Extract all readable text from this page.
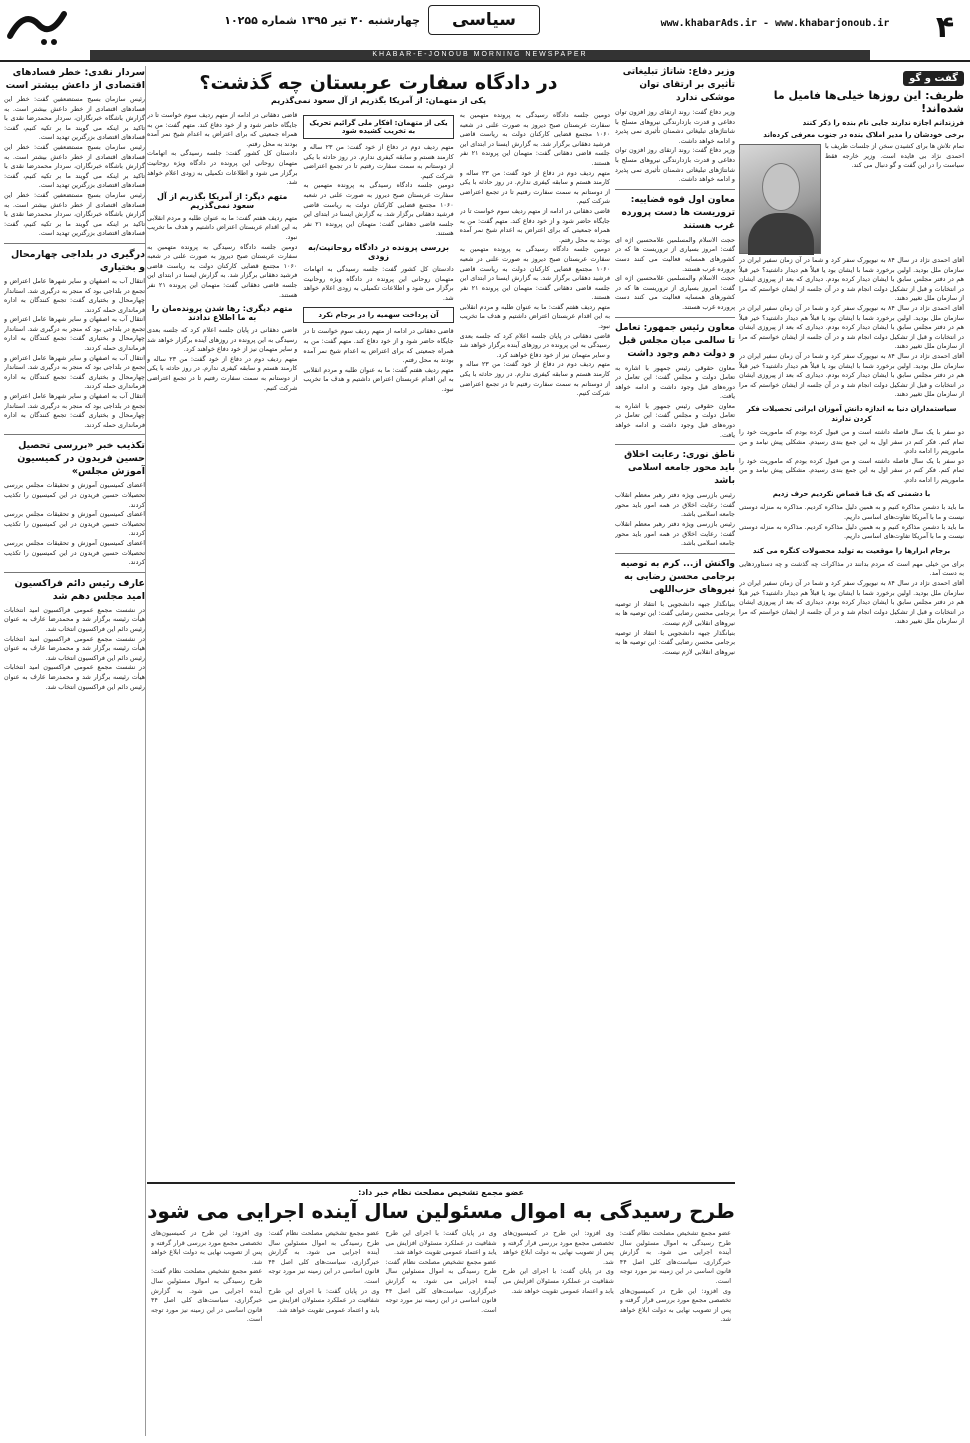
۴
www.khabarAds.ir - www.khabarjonoub.ir
سیاسی
چهارشنبه ۳۰ تیر ۱۳۹۵ شماره ۱۰۲۵۵
KHABAR-E-JONOUB MORNING NEWSPAPER
گفت و گو
ظریف: این روزها خیلی‌ها فامیل ما شده‌اند!
فرزندانم اجازه ندارند جایی نام بنده را ذکر کنند
برخی خودشان را مدیر املاک بنده در جنوب معرفی کرده‌اند
تمام تلاش ها برای کشیدن سخن از جلسات ظریف با احمدی نژاد بی فایده است. وزیر خارجه فقط سیاست را در این گفت و گو دنبال می کند.
آقای احمدی نژاد در سال ۸۴ به نیویورک سفر کرد و شما در آن زمان سفیر ایران در سازمان ملل بودید. اولین برخورد شما با ایشان بود یا قبلاً هم دیدار داشتید؟ خیر قبلاً هم در دفتر مجلس سابق با ایشان دیدار کرده بودم. دیداری که بعد از پیروزی ایشان در انتخابات و قبل از تشکیل دولت انجام شد و در آن جلسه از ایشان خواستم که مرا از سازمان ملل تغییر دهند.
آقای احمدی نژاد در سال ۸۴ به نیویورک سفر کرد و شما در آن زمان سفیر ایران در سازمان ملل بودید. اولین برخورد شما با ایشان بود یا قبلاً هم دیدار داشتید؟ خیر قبلاً هم در دفتر مجلس سابق با ایشان دیدار کرده بودم. دیداری که بعد از پیروزی ایشان در انتخابات و قبل از تشکیل دولت انجام شد و در آن جلسه از ایشان خواستم که مرا از سازمان ملل تغییر دهند.
آقای احمدی نژاد در سال ۸۴ به نیویورک سفر کرد و شما در آن زمان سفیر ایران در سازمان ملل بودید. اولین برخورد شما با ایشان بود یا قبلاً هم دیدار داشتید؟ خیر قبلاً هم در دفتر مجلس سابق با ایشان دیدار کرده بودم. دیداری که بعد از پیروزی ایشان در انتخابات و قبل از تشکیل دولت انجام شد و در آن جلسه از ایشان خواستم که مرا از سازمان ملل تغییر دهند.
سیاستمداران دنیا به اندازه دانش آموزان ایرانی تحصیلات فکر کردن ندارند
دو سفر با یک سال فاصله داشته است و من قبول کرده بودم که ماموریت خود را تمام کنم. فکر کنم در سفر اول به این جمع بندی رسیدم. مشکلی پیش نیامد و من ماموریتم را ادامه دادم.
دو سفر با یک سال فاصله داشته است و من قبول کرده بودم که ماموریت خود را تمام کنم. فکر کنم در سفر اول به این جمع بندی رسیدم. مشکلی پیش نیامد و من ماموریتم را ادامه دادم.
با دشمنی که یک قبا قصاص نکردیم حرف زدیم
ما باید با دشمن مذاکره کنیم و به همین دلیل مذاکره کردیم. مذاکره به منزله دوستی نیست و ما با آمریکا تفاوت‌های اساسی داریم.
ما باید با دشمن مذاکره کنیم و به همین دلیل مذاکره کردیم. مذاکره به منزله دوستی نیست و ما با آمریکا تفاوت‌های اساسی داریم.
برجام ابزارها را موقعیت به تولید محصولات کنگره می کند
برای من خیلی مهم است که مردم بدانند در مذاکرات چه گذشت و چه دستاوردهایی به دست آمد.
آقای احمدی نژاد در سال ۸۴ به نیویورک سفر کرد و شما در آن زمان سفیر ایران در سازمان ملل بودید. اولین برخورد شما با ایشان بود یا قبلاً هم دیدار داشتید؟ خیر قبلاً هم در دفتر مجلس سابق با ایشان دیدار کرده بودم. دیداری که بعد از پیروزی ایشان در انتخابات و قبل از تشکیل دولت انجام شد و در آن جلسه از ایشان خواستم که مرا از سازمان ملل تغییر دهند.
وزیر دفاع: شاتاژ تبلیغاتی تأثیری بر ارتقای توان موشکی ندارد
وزیر دفاع گفت: روند ارتقای روز افزون توان دفاعی و قدرت بازدارندگی نیروهای مسلح با شانتاژهای تبلیغاتی دشمنان تأثیری نمی پذیرد و ادامه خواهد داشت.
وزیر دفاع گفت: روند ارتقای روز افزون توان دفاعی و قدرت بازدارندگی نیروهای مسلح با شانتاژهای تبلیغاتی دشمنان تأثیری نمی پذیرد و ادامه خواهد داشت.
معاون اول قوه قضاییه: تروریست ها دست پرورده غرب هستند
حجت الاسلام والمسلمین غلامحسین اژه ای گفت: امروز بسیاری از تروریست ها که در کشورهای همسایه فعالیت می کنند دست پرورده غرب هستند.
حجت الاسلام والمسلمین غلامحسین اژه ای گفت: امروز بسیاری از تروریست ها که در کشورهای همسایه فعالیت می کنند دست پرورده غرب هستند.
معاون رئیس جمهور: تعامل تا سالمی میان مجلس قبل و دولت دهم وجود داشت
معاون حقوقی رئیس جمهور با اشاره به تعامل دولت و مجلس گفت: این تعامل در دوره‌های قبل وجود داشت و ادامه خواهد یافت.
معاون حقوقی رئیس جمهور با اشاره به تعامل دولت و مجلس گفت: این تعامل در دوره‌های قبل وجود داشت و ادامه خواهد یافت.
ناطق نوری: رعایت اخلاق باید محور جامعه اسلامی باشد
رئیس بازرسی ویژه دفتر رهبر معظم انقلاب گفت: رعایت اخلاق در همه امور باید محور جامعه اسلامی باشد.
رئیس بازرسی ویژه دفتر رهبر معظم انقلاب گفت: رعایت اخلاق در همه امور باید محور جامعه اسلامی باشد.
واکنش از... کرم به توصیه برجامی محسن رضایی به نیروهای حزب‌اللهی
بنیانگذار جبهه دانشجویی با انتقاد از توصیه برجامی محسن رضایی گفت: این توصیه ها به نیروهای انقلابی لازم نیست.
بنیانگذار جبهه دانشجویی با انتقاد از توصیه برجامی محسن رضایی گفت: این توصیه ها به نیروهای انقلابی لازم نیست.
در دادگاه سفارت عربستان چه گذشت؟
یکی از متهمان: از آمریکا بگذریم از آل سعود نمی‌گذریم
دومین جلسه دادگاه رسیدگی به پرونده متهمین به سفارت عربستان صبح دیروز به صورت علنی در شعبه ۱۰۶۰ مجتمع قضایی کارکنان دولت به ریاست قاضی فرشید دهقانی برگزار شد. به گزارش ایسنا در ابتدای این جلسه قاضی دهقانی گفت: متهمان این پرونده ۲۱ نفر هستند.
متهم ردیف دوم در دفاع از خود گفت: من ۲۳ ساله و کارمند هستم و سابقه کیفری ندارم. در روز حادثه با یکی از دوستانم به سمت سفارت رفتیم تا در تجمع اعتراضی شرکت کنیم.
قاضی دهقانی در ادامه از متهم ردیف سوم خواست تا در جایگاه حاضر شود و از خود دفاع کند. متهم گفت: من به همراه جمعیتی که برای اعتراض به اعدام شیخ نمر آمده بودند به محل رفتم.
دومین جلسه دادگاه رسیدگی به پرونده متهمین به سفارت عربستان صبح دیروز به صورت علنی در شعبه ۱۰۶۰ مجتمع قضایی کارکنان دولت به ریاست قاضی فرشید دهقانی برگزار شد. به گزارش ایسنا در ابتدای این جلسه قاضی دهقانی گفت: متهمان این پرونده ۲۱ نفر هستند.
متهم ردیف هفتم گفت: ما به عنوان طلبه و مردم انقلابی به این اقدام عربستان اعتراض داشتیم و هدف ما تخریب نبود.
قاضی دهقانی در پایان جلسه اعلام کرد که جلسه بعدی رسیدگی به این پرونده در روزهای آینده برگزار خواهد شد و سایر متهمان نیز از خود دفاع خواهند کرد.
متهم ردیف دوم در دفاع از خود گفت: من ۲۳ ساله و کارمند هستم و سابقه کیفری ندارم. در روز حادثه با یکی از دوستانم به سمت سفارت رفتیم تا در تجمع اعتراضی شرکت کنیم.
یکی از متهمان: افکار ملی گرائیم تحریک به تخریب کشیده شود
متهم ردیف دوم در دفاع از خود گفت: من ۲۳ ساله و کارمند هستم و سابقه کیفری ندارم. در روز حادثه با یکی از دوستانم به سمت سفارت رفتیم تا در تجمع اعتراضی شرکت کنیم.
دومین جلسه دادگاه رسیدگی به پرونده متهمین به سفارت عربستان صبح دیروز به صورت علنی در شعبه ۱۰۶۰ مجتمع قضایی کارکنان دولت به ریاست قاضی فرشید دهقانی برگزار شد. به گزارش ایسنا در ابتدای این جلسه قاضی دهقانی گفت: متهمان این پرونده ۲۱ نفر هستند.
بررسی پرونده در دادگاه روحانیت/به زودی
دادستان کل کشور گفت: جلسه رسیدگی به اتهامات متهمان روحانی این پرونده در دادگاه ویژه روحانیت برگزار می شود و اطلاعات تکمیلی به زودی اعلام خواهد شد.
آن پرداخت سهمیه را در برجام نکرد
قاضی دهقانی در ادامه از متهم ردیف سوم خواست تا در جایگاه حاضر شود و از خود دفاع کند. متهم گفت: من به همراه جمعیتی که برای اعتراض به اعدام شیخ نمر آمده بودند به محل رفتم.
متهم ردیف هفتم گفت: ما به عنوان طلبه و مردم انقلابی به این اقدام عربستان اعتراض داشتیم و هدف ما تخریب نبود.
قاضی دهقانی در ادامه از متهم ردیف سوم خواست تا در جایگاه حاضر شود و از خود دفاع کند. متهم گفت: من به همراه جمعیتی که برای اعتراض به اعدام شیخ نمر آمده بودند به محل رفتم.
دادستان کل کشور گفت: جلسه رسیدگی به اتهامات متهمان روحانی این پرونده در دادگاه ویژه روحانیت برگزار می شود و اطلاعات تکمیلی به زودی اعلام خواهد شد.
متهم دیگر: از آمریکا بگذریم از آل سعود نمی‌گذریم
متهم ردیف هفتم گفت: ما به عنوان طلبه و مردم انقلابی به این اقدام عربستان اعتراض داشتیم و هدف ما تخریب نبود.
دومین جلسه دادگاه رسیدگی به پرونده متهمین به سفارت عربستان صبح دیروز به صورت علنی در شعبه ۱۰۶۰ مجتمع قضایی کارکنان دولت به ریاست قاضی فرشید دهقانی برگزار شد. به گزارش ایسنا در ابتدای این جلسه قاضی دهقانی گفت: متهمان این پرونده ۲۱ نفر هستند.
متهم دیگری: رها شدن پرونده‌مان را به ما اطلاع ندادند
قاضی دهقانی در پایان جلسه اعلام کرد که جلسه بعدی رسیدگی به این پرونده در روزهای آینده برگزار خواهد شد و سایر متهمان نیز از خود دفاع خواهند کرد.
متهم ردیف دوم در دفاع از خود گفت: من ۲۳ ساله و کارمند هستم و سابقه کیفری ندارم. در روز حادثه با یکی از دوستانم به سمت سفارت رفتیم تا در تجمع اعتراضی شرکت کنیم.
سردار نقدی: خطر فسادهای اقتصادی از داعش بیشتر است
رئیس سازمان بسیج مستضعفین گفت: خطر این فسادهای اقتصادی از خطر داعش بیشتر است. به گزارش باشگاه خبرنگاران، سردار محمدرضا نقدی با تاکید بر اینکه می گویند ما بر تکیه کنیم، گفت: فسادهای اقتصادی بزرگترین تهدید است.
رئیس سازمان بسیج مستضعفین گفت: خطر این فسادهای اقتصادی از خطر داعش بیشتر است. به گزارش باشگاه خبرنگاران، سردار محمدرضا نقدی با تاکید بر اینکه می گویند ما بر تکیه کنیم، گفت: فسادهای اقتصادی بزرگترین تهدید است.
رئیس سازمان بسیج مستضعفین گفت: خطر این فسادهای اقتصادی از خطر داعش بیشتر است. به گزارش باشگاه خبرنگاران، سردار محمدرضا نقدی با تاکید بر اینکه می گویند ما بر تکیه کنیم، گفت: فسادهای اقتصادی بزرگترین تهدید است.
درگیری در بلداجی چهارمحال و بختیاری
انتقال آب به اصفهان و سایر شهرها عامل اعتراض و تجمع در بلداجی بود که منجر به درگیری شد. استاندار چهارمحال و بختیاری گفت: تجمع کنندگان به اداره فرمانداری حمله کردند.
انتقال آب به اصفهان و سایر شهرها عامل اعتراض و تجمع در بلداجی بود که منجر به درگیری شد. استاندار چهارمحال و بختیاری گفت: تجمع کنندگان به اداره فرمانداری حمله کردند.
انتقال آب به اصفهان و سایر شهرها عامل اعتراض و تجمع در بلداجی بود که منجر به درگیری شد. استاندار چهارمحال و بختیاری گفت: تجمع کنندگان به اداره فرمانداری حمله کردند.
انتقال آب به اصفهان و سایر شهرها عامل اعتراض و تجمع در بلداجی بود که منجر به درگیری شد. استاندار چهارمحال و بختیاری گفت: تجمع کنندگان به اداره فرمانداری حمله کردند.
تکذیب خبر «بررسی تحصیل حسین فریدون در کمیسیون آموزش مجلس»
اعضای کمیسیون آموزش و تحقیقات مجلس بررسی تحصیلات حسین فریدون در این کمیسیون را تکذیب کردند.
اعضای کمیسیون آموزش و تحقیقات مجلس بررسی تحصیلات حسین فریدون در این کمیسیون را تکذیب کردند.
اعضای کمیسیون آموزش و تحقیقات مجلس بررسی تحصیلات حسین فریدون در این کمیسیون را تکذیب کردند.
عارف رئیس دائم فراکسیون امید مجلس دهم شد
در نشست مجمع عمومی فراکسیون امید انتخابات هیأت رئیسه برگزار شد و محمدرضا عارف به عنوان رئیس دائم این فراکسیون انتخاب شد.
در نشست مجمع عمومی فراکسیون امید انتخابات هیأت رئیسه برگزار شد و محمدرضا عارف به عنوان رئیس دائم این فراکسیون انتخاب شد.
در نشست مجمع عمومی فراکسیون امید انتخابات هیأت رئیسه برگزار شد و محمدرضا عارف به عنوان رئیس دائم این فراکسیون انتخاب شد.
عضو مجمع تشخیص مصلحت نظام خبر داد:
طرح رسیدگی به اموال مسئولین سال آینده اجرایی می شود
عضو مجمع تشخیص مصلحت نظام گفت: طرح رسیدگی به اموال مسئولین سال آینده اجرایی می شود. به گزارش خبرگزاری، سیاست‌های کلی اصل ۴۴ قانون اساسی در این زمینه نیز مورد توجه است.
وی افزود: این طرح در کمیسیون‌های تخصصی مجمع مورد بررسی قرار گرفته و پس از تصویب نهایی به دولت ابلاغ خواهد شد.
وی افزود: این طرح در کمیسیون‌های تخصصی مجمع مورد بررسی قرار گرفته و پس از تصویب نهایی به دولت ابلاغ خواهد شد.
وی در پایان گفت: با اجرای این طرح شفافیت در عملکرد مسئولان افزایش می یابد و اعتماد عمومی تقویت خواهد شد.
وی در پایان گفت: با اجرای این طرح شفافیت در عملکرد مسئولان افزایش می یابد و اعتماد عمومی تقویت خواهد شد.
عضو مجمع تشخیص مصلحت نظام گفت: طرح رسیدگی به اموال مسئولین سال آینده اجرایی می شود. به گزارش خبرگزاری، سیاست‌های کلی اصل ۴۴ قانون اساسی در این زمینه نیز مورد توجه است.
عضو مجمع تشخیص مصلحت نظام گفت: طرح رسیدگی به اموال مسئولین سال آینده اجرایی می شود. به گزارش خبرگزاری، سیاست‌های کلی اصل ۴۴ قانون اساسی در این زمینه نیز مورد توجه است.
وی در پایان گفت: با اجرای این طرح شفافیت در عملکرد مسئولان افزایش می یابد و اعتماد عمومی تقویت خواهد شد.
وی افزود: این طرح در کمیسیون‌های تخصصی مجمع مورد بررسی قرار گرفته و پس از تصویب نهایی به دولت ابلاغ خواهد شد.
عضو مجمع تشخیص مصلحت نظام گفت: طرح رسیدگی به اموال مسئولین سال آینده اجرایی می شود. به گزارش خبرگزاری، سیاست‌های کلی اصل ۴۴ قانون اساسی در این زمینه نیز مورد توجه است.
